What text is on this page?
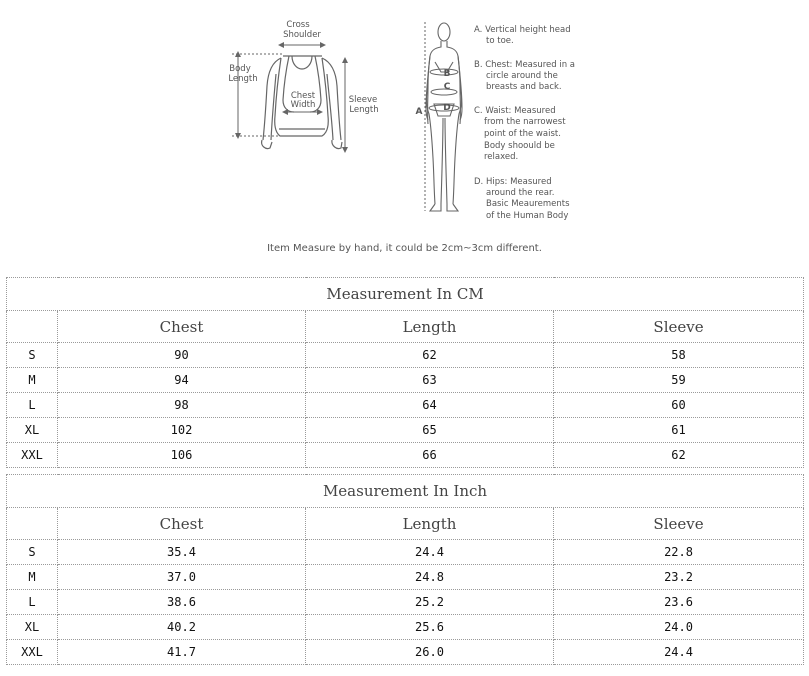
Cross
Shoulder
Body
Length
Chest
Width	Sleeve
Length	A
B
C
D
A. Vertical height head
to toe.
B. Chest: Measured in a
circle around the
breasts and back.
C. Waist: Measured
from the narrowest
point of the waist.
Body shoould be
relaxed.
D. Hips: Measured
around the rear.
Basic Meaurements
of the Human Body
Item Measure by hand, it could be 2cm~3cm different.
Measurement In CM			
	Chest	Length	Sleeve
S	90	62	58
M	94	63	59
L	98	64	60
XL	102	65	61
XXL	106	66	62
Measurement In Inch			
	Chest	Length	Sleeve
S	35.4	24.4	22.8
M	37.0	24.8	23.2
L	38.6	25.2	23.6
XL	40.2	25.6	24.0
XXL	41.7	26.0	24.4
